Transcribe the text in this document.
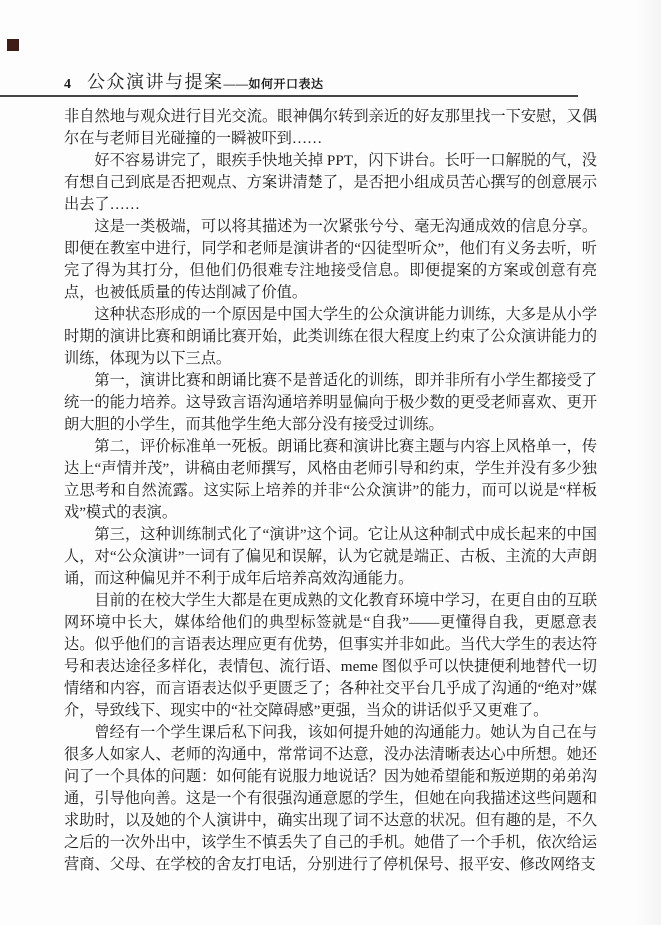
4 公众演讲与提案 ——如何开口表达

非自然地与观众进行目光交流。眼神偶尔转到亲近的好友那里找一下安慰，又偶尔在与老师目光碰撞的一瞬被吓到……

好不容易讲完了，眼疾手快地关掉 PPT，闪下讲台。长吁一口解脱的气，没有想自己到底是否把观点、方案讲清楚了，是否把小组成员苦心撰写的创意展示出去了……

这是一类极端，可以将其描述为一次紧张兮兮、毫无沟通成效的信息分享。即便在教室中进行，同学和老师是演讲者的“囚徒型听众”，他们有义务去听，听完了得为其打分，但他们仍很难专注地接受信息。即便提案的方案或创意有亮点，也被低质量的传达削减了价值。

这种状态形成的一个原因是中国大学生的公众演讲能力训练，大多是从小学时期的演讲比赛和朗诵比赛开始，此类训练在很大程度上约束了公众演讲能力的训练，体现为以下三点。

第一，演讲比赛和朗诵比赛不是普适化的训练，即并非所有小学生都接受了统一的能力培养。这导致言语沟通培养明显偏向于极少数的更受老师喜欢、更开朗大胆的小学生，而其他学生绝大部分没有接受过训练。

第二，评价标准单一死板。朗诵比赛和演讲比赛主题与内容上风格单一，传达上“声情并茂”，讲稿由老师撰写，风格由老师引导和约束，学生并没有多少独立思考和自然流露。这实际上培养的并非“公众演讲”的能力，而可以说是“样板戏”模式的表演。

第三，这种训练制式化了“演讲”这个词。它让从这种制式中成长起来的中国人，对“公众演讲”一词有了偏见和误解，认为它就是端正、古板、主流的大声朗诵，而这种偏见并不利于成年后培养高效沟通能力。

目前的在校大学生大都是在更成熟的文化教育环境中学习，在更自由的互联网环境中长大，媒体给他们的典型标签就是“自我”——更懂得自我，更愿意表达。似乎他们的言语表达理应更有优势，但事实并非如此。当代大学生的表达符号和表达途径多样化，表情包、流行语、meme 图似乎可以快捷便利地替代一切情绪和内容，而言语表达似乎更匮乏了；各种社交平台几乎成了沟通的“绝对”媒介，导致线下、现实中的“社交障碍感”更强，当众的讲话似乎又更难了。

曾经有一个学生课后私下问我，该如何提升她的沟通能力。她认为自己在与很多人如家人、老师的沟通中，常常词不达意，没办法清晰表达心中所想。她还问了一个具体的问题：如何能有说服力地说话？因为她希望能和叛逆期的弟弟沟通，引导他向善。这是一个有很强沟通意愿的学生，但她在向我描述这些问题和求助时，以及她的个人演讲中，确实出现了词不达意的状况。但有趣的是，不久之后的一次外出中，该学生不慎丢失了自己的手机。她借了一个手机，依次给运营商、父母、在学校的舍友打电话，分别进行了停机保号、报平安、修改网络支
